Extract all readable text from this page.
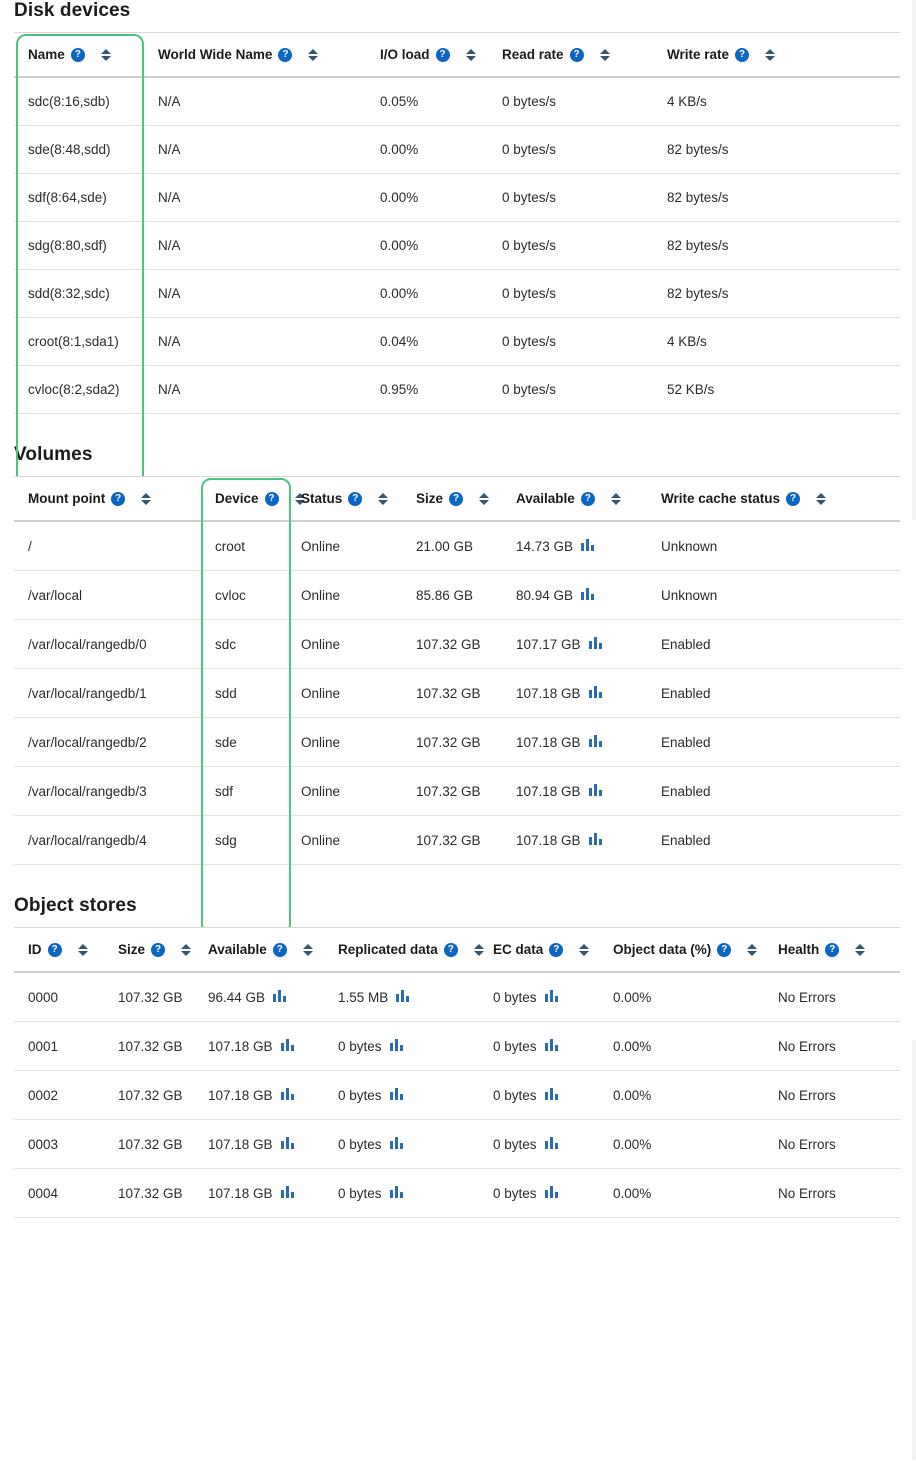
Disk devices
Name ?	World Wide Name ?	I/O load ?	Read rate ?	Write rate ?

sdc(8:16,sdb)	N/A	0.05%	0 bytes/s	4 KB/s
sde(8:48,sdd)	N/A	0.00%	0 bytes/s	82 bytes/s
sdf(8:64,sde)	N/A	0.00%	0 bytes/s	82 bytes/s
sdg(8:80,sdf)	N/A	0.00%	0 bytes/s	82 bytes/s
sdd(8:32,sdc)	N/A	0.00%	0 bytes/s	82 bytes/s
croot(8:1,sda1)	N/A	0.04%	0 bytes/s	4 KB/s
cvloc(8:2,sda2)	N/A	0.95%	0 bytes/s	52 KB/s
Volumes
Mount point ?	Device ?	Status ?	Size ?	Available ?	Write cache status ?

/	croot	Online	21.00 GB	14.73 GB	Unknown
/var/local	cvloc	Online	85.86 GB	80.94 GB	Unknown
/var/local/rangedb/0	sdc	Online	107.32 GB	107.17 GB	Enabled
/var/local/rangedb/1	sdd	Online	107.32 GB	107.18 GB	Enabled
/var/local/rangedb/2	sde	Online	107.32 GB	107.18 GB	Enabled
/var/local/rangedb/3	sdf	Online	107.32 GB	107.18 GB	Enabled
/var/local/rangedb/4	sdg	Online	107.32 GB	107.18 GB	Enabled
Object stores
ID ?	Size ?	Available ?	Replicated data ?	EC data ?	Object data (%) ?	Health ?

0000	107.32 GB	96.44 GB	1.55 MB	0 bytes	0.00%	No Errors
0001	107.32 GB	107.18 GB	0 bytes	0 bytes	0.00%	No Errors
0002	107.32 GB	107.18 GB	0 bytes	0 bytes	0.00%	No Errors
0003	107.32 GB	107.18 GB	0 bytes	0 bytes	0.00%	No Errors
0004	107.32 GB	107.18 GB	0 bytes	0 bytes	0.00%	No Errors
